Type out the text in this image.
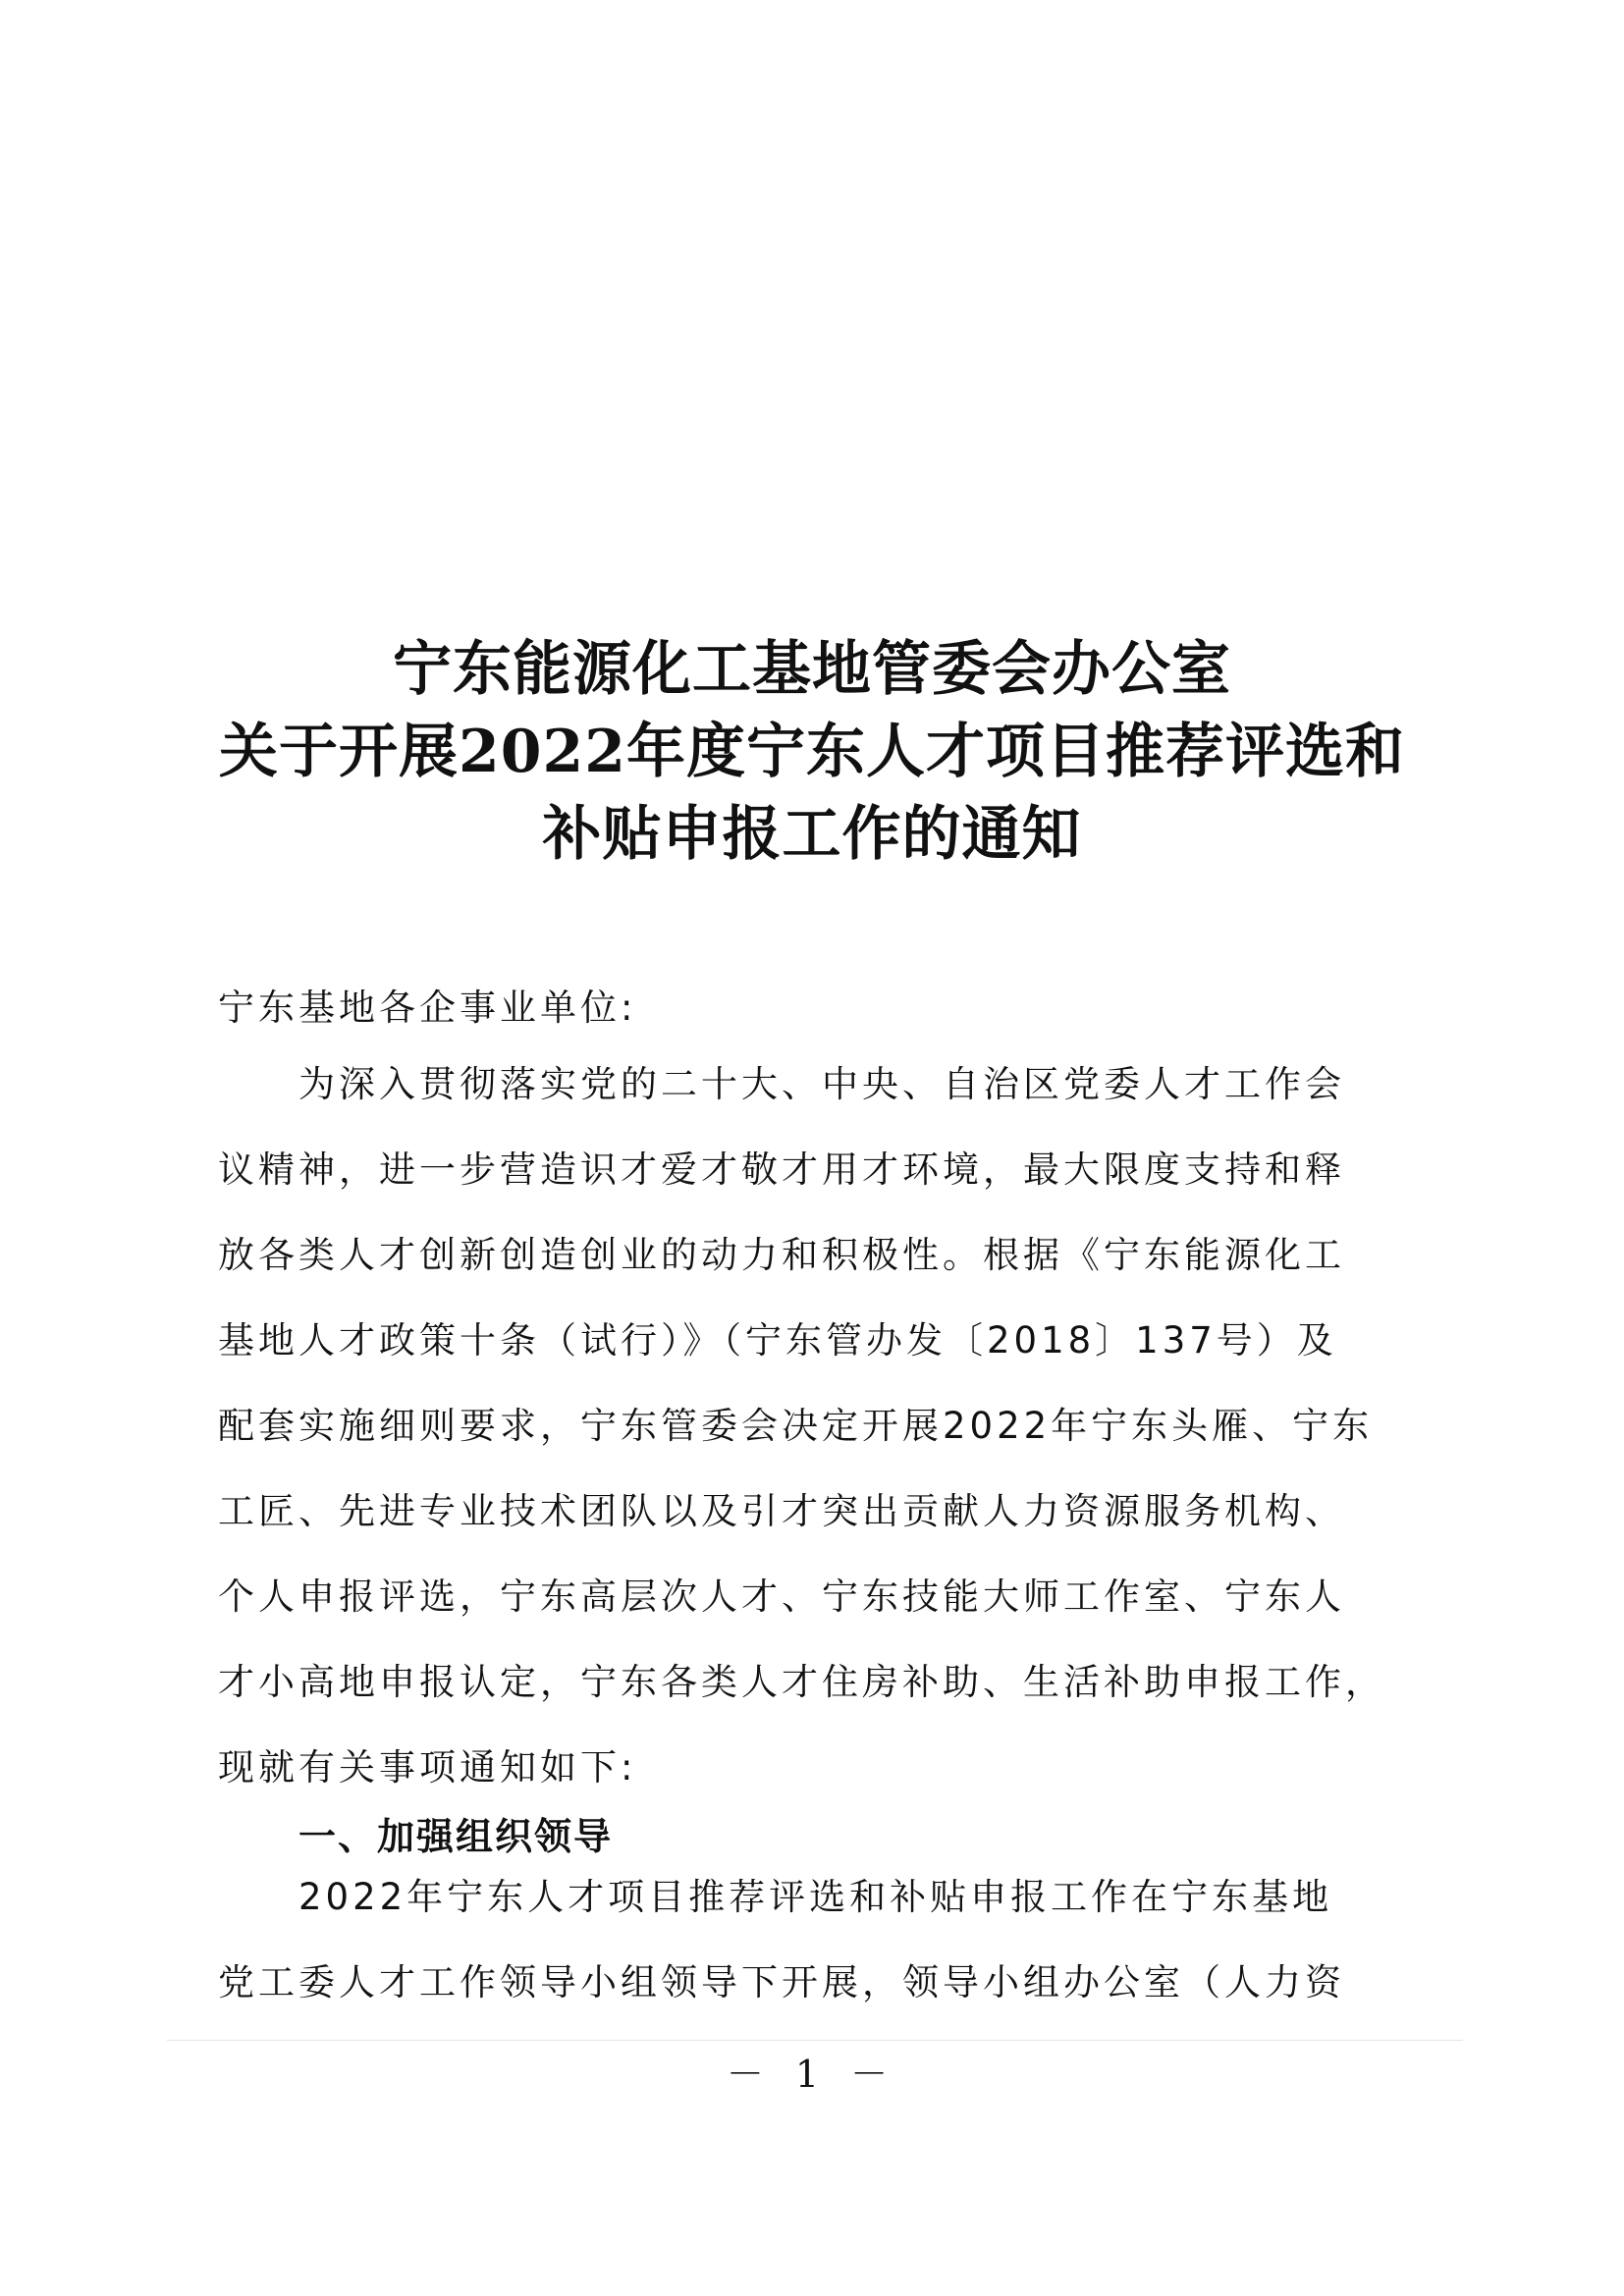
宁东能源化工基地管委会办公室
关于开展2022年度宁东人才项目推荐评选和
补贴申报工作的通知
宁东基地各企事业单位:
为深入贯彻落实党的二十大、中央、自治区党委人才工作会
议精神，进一步营造识才爱才敬才用才环境，最大限度支持和释
放各类人才创新创造创业的动力和积极性。根据《宁东能源化工
基地人才政策十条（试行）》（宁东管办发〔2018〕137号）及
配套实施细则要求，宁东管委会决定开展2022年宁东头雁、宁东
工匠、先进专业技术团队以及引才突出贡献人力资源服务机构、
个人申报评选，宁东高层次人才、宁东技能大师工作室、宁东人
才小高地申报认定，宁东各类人才住房补助、生活补助申报工作，
现就有关事项通知如下:
一、加强组织领导
2022年宁东人才项目推荐评选和补贴申报工作在宁东基地
党工委人才工作领导小组领导下开展，领导小组办公室（人力资
－ 1 －
